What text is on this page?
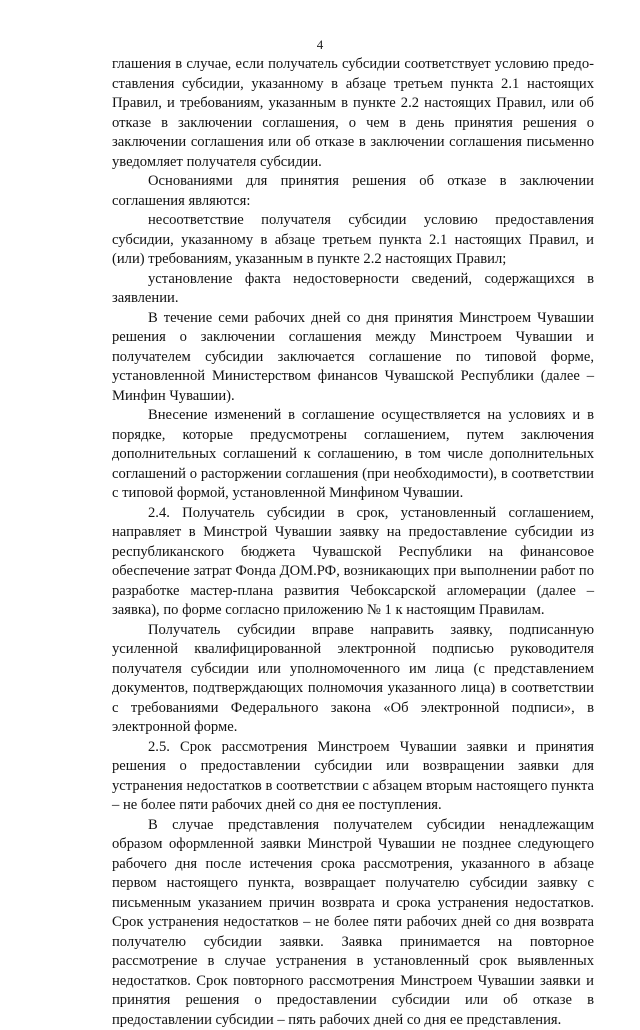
4

глашения в случае, если получатель субсидии соответствует условию предоставления субсидии, указанному в абзаце третьем пункта 2.1 настоящих Правил, и требованиям, указанным в пункте 2.2 настоящих Правил, или об отказе в заключении соглашения, о чем в день принятия решения о заключении соглашения или об отказе в заключении соглашения письменно уведомляет получателя субсидии.

Основаниями для принятия решения об отказе в заключении соглашения являются:

несоответствие получателя субсидии условию предоставления субсидии, указанному в абзаце третьем пункта 2.1 настоящих Правил, и (или) требованиям, указанным в пункте 2.2 настоящих Правил;

установление факта недостоверности сведений, содержащихся в заявлении.

В течение семи рабочих дней со дня принятия Минстроем Чувашии решения о заключении соглашения между Минстроем Чувашии и получателем субсидии заключается соглашение по типовой форме, установленной Министерством финансов Чувашской Республики (далее – Минфин Чувашии).

Внесение изменений в соглашение осуществляется на условиях и в порядке, которые предусмотрены соглашением, путем заключения дополнительных соглашений к соглашению, в том числе дополнительных соглашений о расторжении соглашения (при необходимости), в соответствии с типовой формой, установленной Минфином Чувашии.

2.4. Получатель субсидии в срок, установленный соглашением, направляет в Минстрой Чувашии заявку на предоставление субсидии из республиканского бюджета Чувашской Республики на финансовое обеспечение затрат Фонда ДОМ.РФ, возникающих при выполнении работ по разработке мастер-плана развития Чебоксарской агломерации (далее – заявка), по форме согласно приложению № 1 к настоящим Правилам.

Получатель субсидии вправе направить заявку, подписанную усиленной квалифицированной электронной подписью руководителя получателя субсидии или уполномоченного им лица (с представлением документов, подтверждающих полномочия указанного лица) в соответствии с требованиями Федерального закона «Об электронной подписи», в электронной форме.

2.5. Срок рассмотрения Минстроем Чувашии заявки и принятия решения о предоставлении субсидии или возвращении заявки для устранения недостатков в соответствии с абзацем вторым настоящего пункта – не более пяти рабочих дней со дня ее поступления.

В случае представления получателем субсидии ненадлежащим образом оформленной заявки Минстрой Чувашии не позднее следующего рабочего дня после истечения срока рассмотрения, указанного в абзаце первом настоящего пункта, возвращает получателю субсидии заявку с письменным указанием причин возврата и срока устранения недостатков. Срок устранения недостатков – не более пяти рабочих дней со дня возврата получателю субсидии заявки. Заявка принимается на повторное рассмотрение в случае устранения в установленный срок выявленных недостатков. Срок повторного рассмотрения Минстроем Чувашии заявки и принятия решения о предоставлении субсидии или об отказе в предоставлении субсидии – пять рабочих дней со дня ее представления.
